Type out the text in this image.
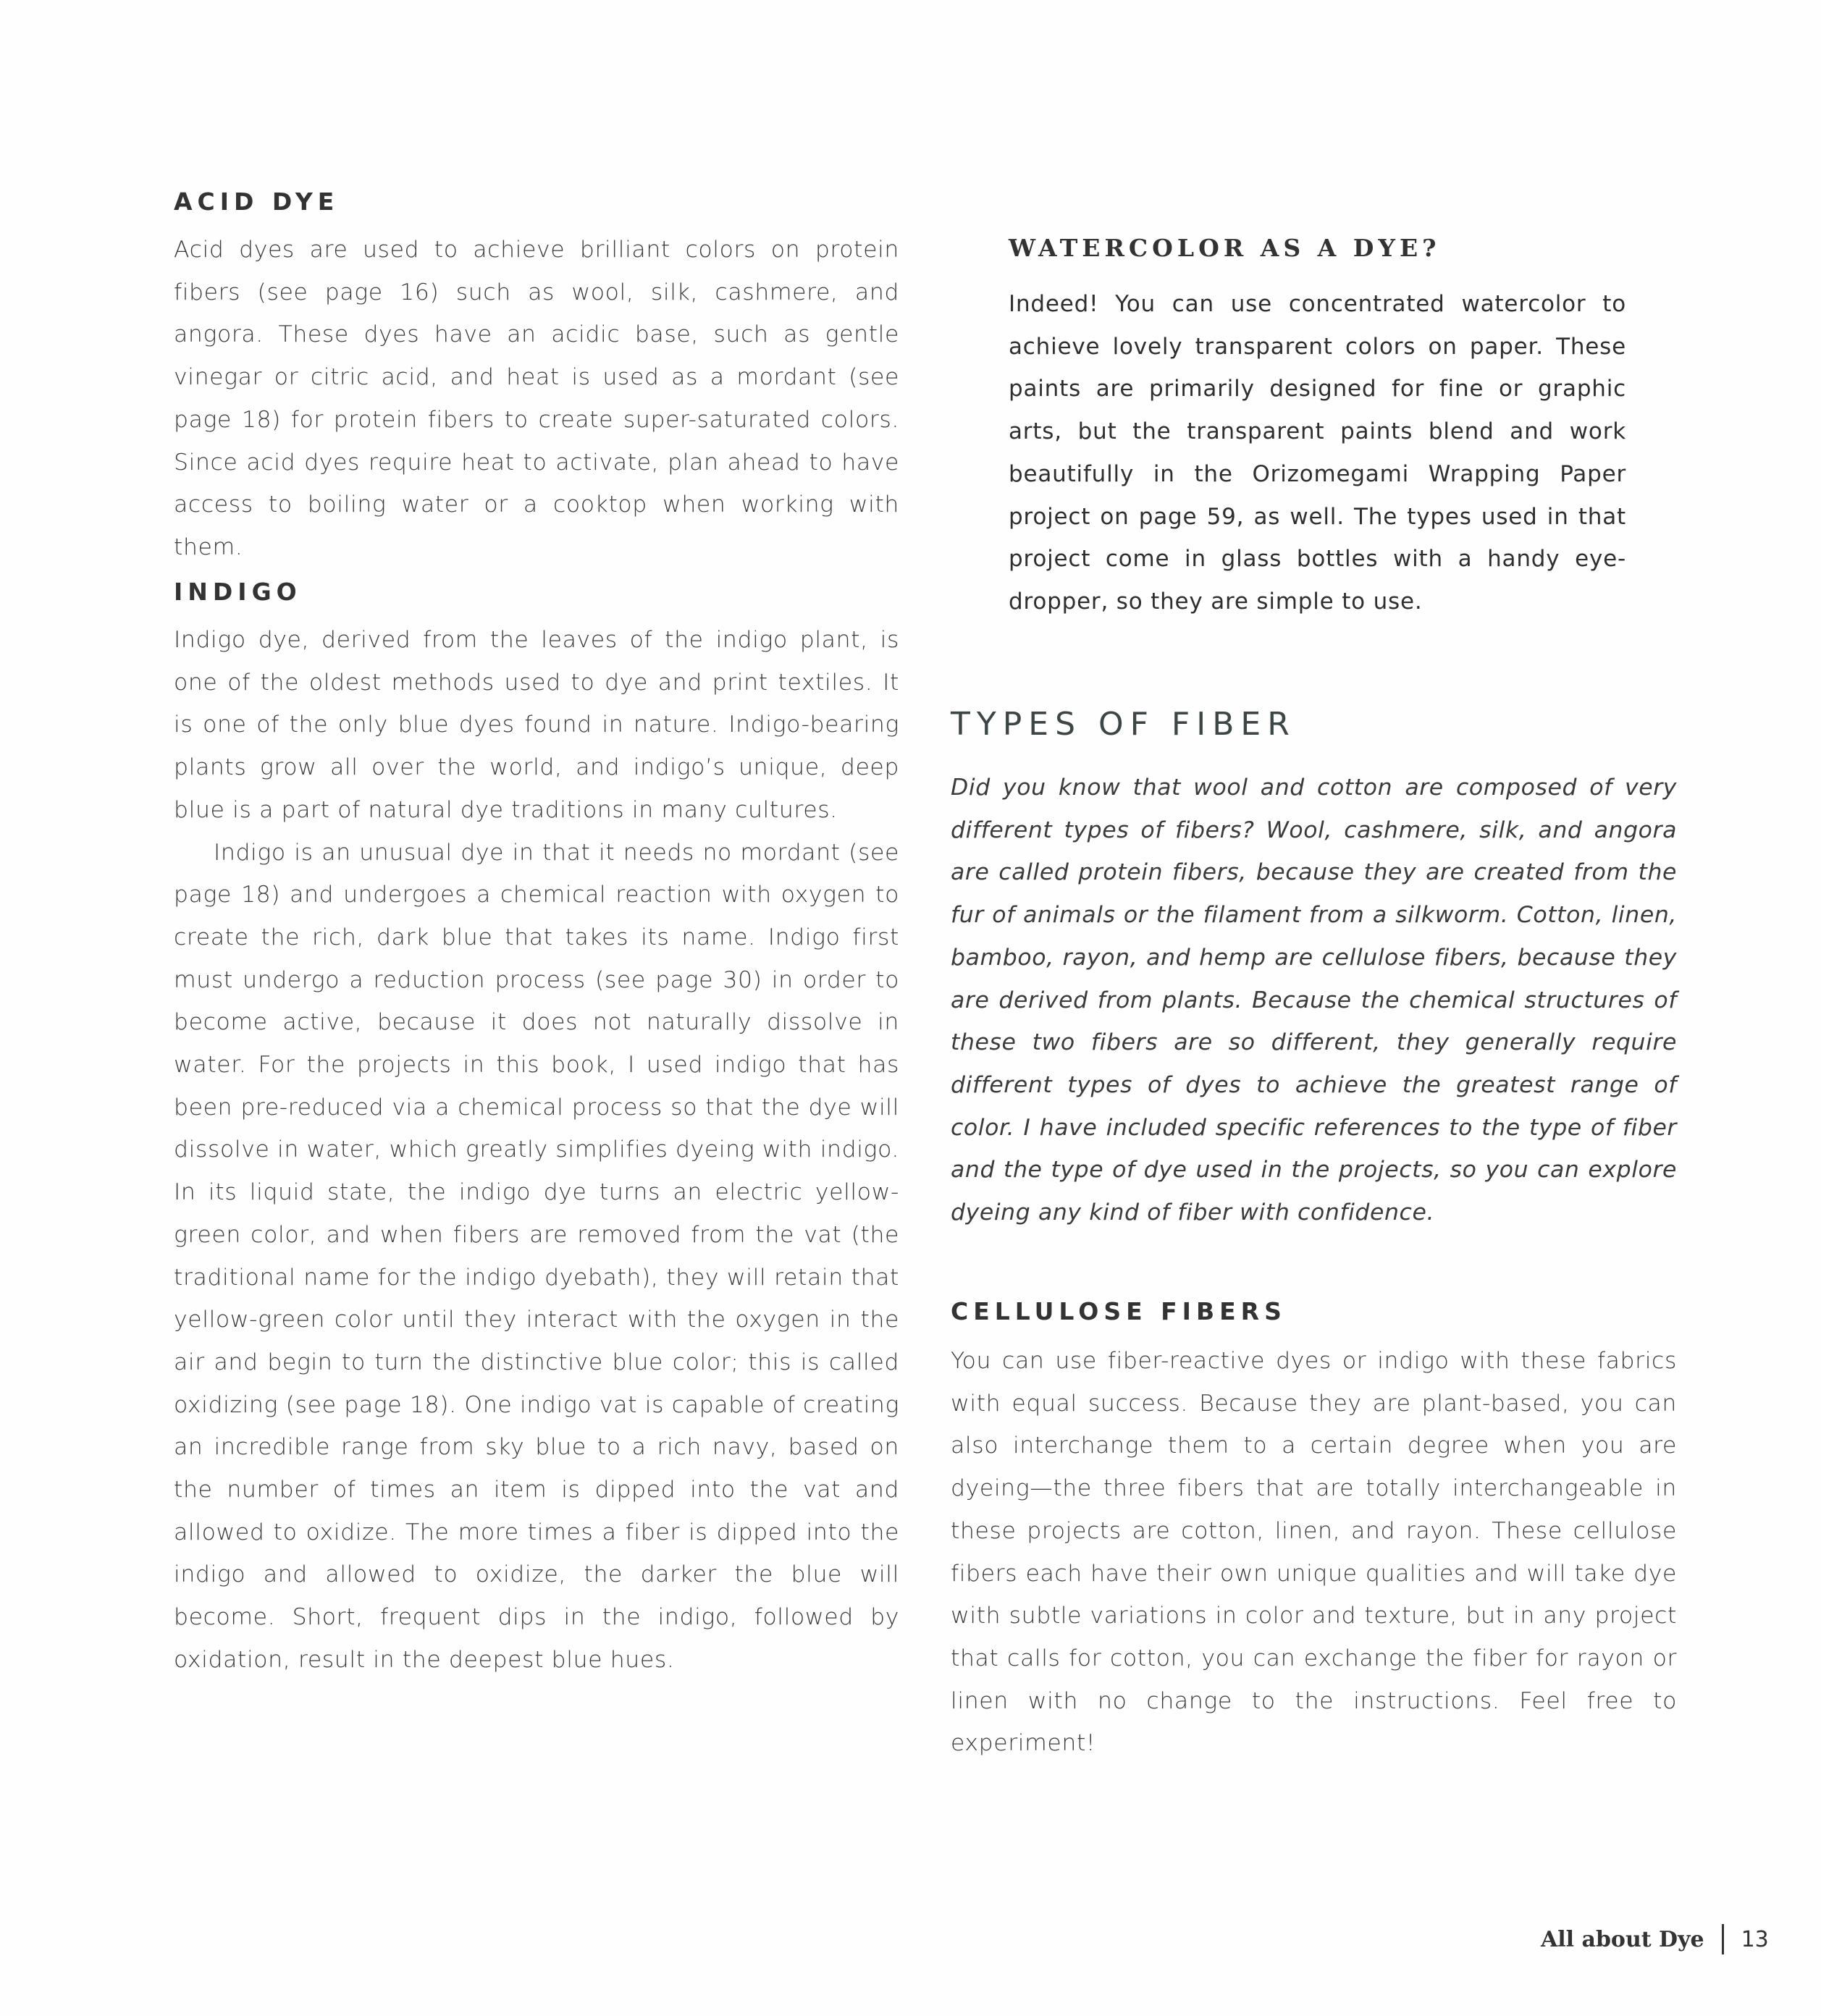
ACID DYE

Acid dyes are used to achieve brilliant colors on protein fibers (see page 16) such as wool, silk, cashmere, and angora. These dyes have an acidic base, such as gentle vinegar or citric acid, and heat is used as a mordant (see page 18) for protein fibers to create super-saturated colors. Since acid dyes require heat to activate, plan ahead to have access to boiling water or a cooktop when working with them.

INDIGO

Indigo dye, derived from the leaves of the indigo plant, is one of the oldest methods used to dye and print textiles. It is one of the only blue dyes found in nature. Indigo-bearing plants grow all over the world, and indigo’s unique, deep blue is a part of natural dye traditions in many cultures.

Indigo is an unusual dye in that it needs no mordant (see page 18) and undergoes a chemical reaction with oxygen to create the rich, dark blue that takes its name. Indigo first must undergo a reduction process (see page 30) in order to become active, because it does not naturally dissolve in water. For the projects in this book, I used indigo that has been pre-reduced via a chemical process so that the dye will dissolve in water, which greatly simplifies dyeing with indigo. In its liquid state, the indigo dye turns an electric yellow-green color, and when fibers are removed from the vat (the traditional name for the indigo dyebath), they will retain that yellow-green color until they interact with the oxygen in the air and begin to turn the distinctive blue color; this is called oxidizing (see page 18). One indigo vat is capable of creating an incredible range from sky blue to a rich navy, based on the number of times an item is dipped into the vat and allowed to oxidize. The more times a fiber is dipped into the indigo and allowed to oxidize, the darker the blue will become. Short, frequent dips in the indigo, followed by oxidation, result in the deepest blue hues.

WATERCOLOR AS A DYE?

Indeed! You can use concentrated watercolor to achieve lovely transparent colors on paper. These paints are primarily designed for fine or graphic arts, but the transparent paints blend and work beautifully in the Orizomegami Wrapping Paper project on page 59, as well. The types used in that project come in glass bottles with a handy eye-dropper, so they are simple to use.

TYPES OF FIBER

Did you know that wool and cotton are composed of very different types of fibers? Wool, cashmere, silk, and angora are called protein fibers, because they are created from the fur of animals or the filament from a silkworm. Cotton, linen, bamboo, rayon, and hemp are cellulose fibers, because they are derived from plants. Because the chemical structures of these two fibers are so different, they generally require different types of dyes to achieve the greatest range of color. I have included specific references to the type of fiber and the type of dye used in the projects, so you can explore dyeing any kind of fiber with confidence.

CELLULOSE FIBERS

You can use fiber-reactive dyes or indigo with these fabrics with equal success. Because they are plant-based, you can also interchange them to a certain degree when you are dyeing—the three fibers that are totally interchangeable in these projects are cotton, linen, and rayon. These cellulose fibers each have their own unique qualities and will take dye with subtle variations in color and texture, but in any project that calls for cotton, you can exchange the fiber for rayon or linen with no change to the instructions. Feel free to experiment!

All about Dye 13
